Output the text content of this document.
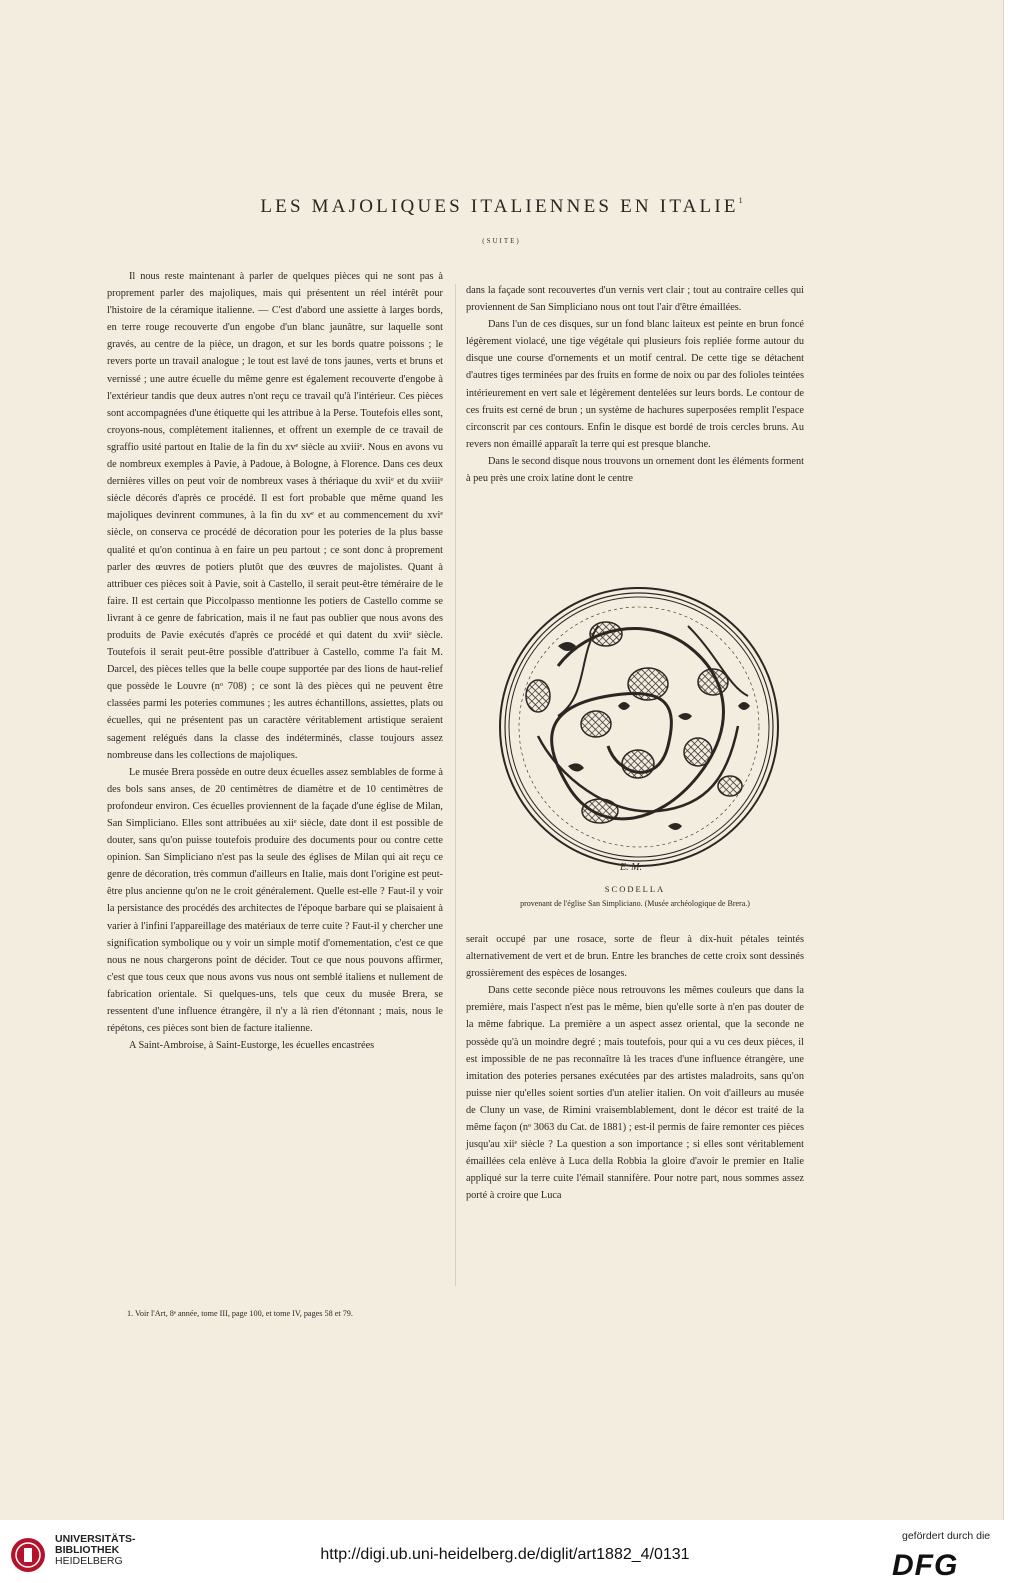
LES MAJOLIQUES ITALIENNES EN ITALIE$^1$
(SUITE)

Il nous reste maintenant à parler de quelques pièces qui ne sont pas à proprement parler des majoliques, mais qui présentent un réel intérêt pour l'histoire de la céramique italienne. — C'est d'abord une assiette à larges bords, en terre rouge recouverte d'un engobe d'un blanc jaunâtre, sur laquelle sont gravés, au centre de la pièce, un dragon, et sur les bords quatre poissons ; le revers porte un travail analogue ; le tout est lavé de tons jaunes, verts et bruns et vernissé ; une autre écuelle du même genre est également recouverte d'engobe à l'extérieur tandis que deux autres n'ont reçu ce travail qu'à l'intérieur. Ces pièces sont accompagnées d'une étiquette qui les attribue à la Perse. Toutefois elles sont, croyons-nous, complètement italiennes, et offrent un exemple de ce travail de sgraffio usité partout en Italie de la fin du xvᵉ siècle au xviiiᵉ. Nous en avons vu de nombreux exemples à Pavie, à Padoue, à Bologne, à Florence. Dans ces deux dernières villes on peut voir de nombreux vases à thériaque du xviiᵉ et du xviiiᵉ siècle décorés d'après ce procédé. Il est fort probable que même quand les majoliques devinrent communes, à la fin du xvᵉ et au commencement du xviᵉ siècle, on conserva ce procédé de décoration pour les poteries de la plus basse qualité et qu'on continua à en faire un peu partout ; ce sont donc à proprement parler des œuvres de potiers plutôt que des œuvres de majolistes. Quant à attribuer ces pièces soit à Pavie, soit à Castello, il serait peut-être téméraire de le faire. Il est certain que Piccolpasso mentionne les potiers de Castello comme se livrant à ce genre de fabrication, mais il ne faut pas oublier que nous avons des produits de Pavie exécutés d'après ce procédé et qui datent du xviiᵉ siècle. Toutefois il serait peut-être possible d'attribuer à Castello, comme l'a fait M. Darcel, des pièces telles que la belle coupe supportée par des lions de haut-relief que possède le Louvre (nᵒ 708) ; ce sont là des pièces qui ne peuvent être classées parmi les poteries communes ; les autres échantillons, assiettes, plats ou écuelles, qui ne présentent pas un caractère véritablement artistique seraient sagement relégués dans la classe des indéterminés, classe toujours assez nombreuse dans les collections de majoliques.

Le musée Brera possède en outre deux écuelles assez semblables de forme à des bols sans anses, de 20 centimètres de diamètre et de 10 centimètres de profondeur environ. Ces écuelles proviennent de la façade d'une église de Milan, San Simpliciano. Elles sont attribuées au xiiᵉ siècle, date dont il est possible de douter, sans qu'on puisse toutefois produire des documents pour ou contre cette opinion. San Simpliciano n'est pas la seule des églises de Milan qui ait reçu ce genre de décoration, très commun d'ailleurs en Italie, mais dont l'origine est peut-être plus ancienne qu'on ne le croit généralement. Quelle est-elle ? Faut-il y voir la persistance des procédés des architectes de l'époque barbare qui se plaisaient à varier à l'infini l'appareillage des matériaux de terre cuite ? Faut-il y chercher une signification symbolique ou y voir un simple motif d'ornementation, c'est ce que nous ne nous chargerons point de décider. Tout ce que nous pouvons affirmer, c'est que tous ceux que nous avons vus nous ont semblé italiens et nullement de fabrication orientale. Si quelques-uns, tels que ceux du musée Brera, se ressentent d'une influence étrangère, il n'y a là rien d'étonnant ; mais, nous le répétons, ces pièces sont bien de facture italienne.

A Saint-Ambroise, à Saint-Eustorge, les écuelles encastrées

dans la façade sont recouvertes d'un vernis vert clair ; tout au contraire celles qui proviennent de San Simpliciano nous ont tout l'air d'être émaillées.

Dans l'un de ces disques, sur un fond blanc laiteux est peinte en brun foncé légèrement violacé, une tige végétale qui plusieurs fois repliée forme autour du disque une course d'ornements et un motif central. De cette tige se détachent d'autres tiges terminées par des fruits en forme de noix ou par des folioles teintées intérieurement en vert sale et légèrement dentelées sur leurs bords. Le contour de ces fruits est cerné de brun ; un système de hachures superposées remplit l'espace circonscrit par ces contours. Enfin le disque est bordé de trois cercles bruns. Au revers non émaillé apparaît la terre qui est presque blanche.

Dans le second disque nous trouvons un ornement dont les éléments forment à peu près une croix latine dont le centre

E. M.
SCODELLA
provenant de l'église San Simpliciano. (Musée archéologique de Brera.)

serait occupé par une rosace, sorte de fleur à dix-huit pétales teintés alternativement de vert et de brun. Entre les branches de cette croix sont dessinés grossièrement des espèces de losanges.

Dans cette seconde pièce nous retrouvons les mêmes couleurs que dans la première, mais l'aspect n'est pas le même, bien qu'elle sorte à n'en pas douter de la même fabrique. La première a un aspect assez oriental, que la seconde ne possède qu'à un moindre degré ; mais toutefois, pour qui a vu ces deux pièces, il est impossible de ne pas reconnaître là les traces d'une influence étrangère, une imitation des poteries persanes exécutées par des artistes maladroits, sans qu'on puisse nier qu'elles soient sorties d'un atelier italien. On voit d'ailleurs au musée de Cluny un vase, de Rimini vraisemblablement, dont le décor est traité de la même façon (nᵒ 3063 du Cat. de 1881) ; est-il permis de faire remonter ces pièces jusqu'au xiiᵉ siècle ? La question a son importance ; si elles sont véritablement émaillées cela enlève à Luca della Robbia la gloire d'avoir le premier en Italie appliqué sur la terre cuite l'émail stannifère. Pour notre part, nous sommes assez porté à croire que Luca

1. Voir l'Art, 8ᵉ année, tome III, page 100, et tome IV, pages 58 et 79.
UNIVERSITÄTS-
BIBLIOTHEK
HEIDELBERG	http://digi.ub.uni-heidelberg.de/diglit/art1882_4/0131
gefördert durch die
DFG
